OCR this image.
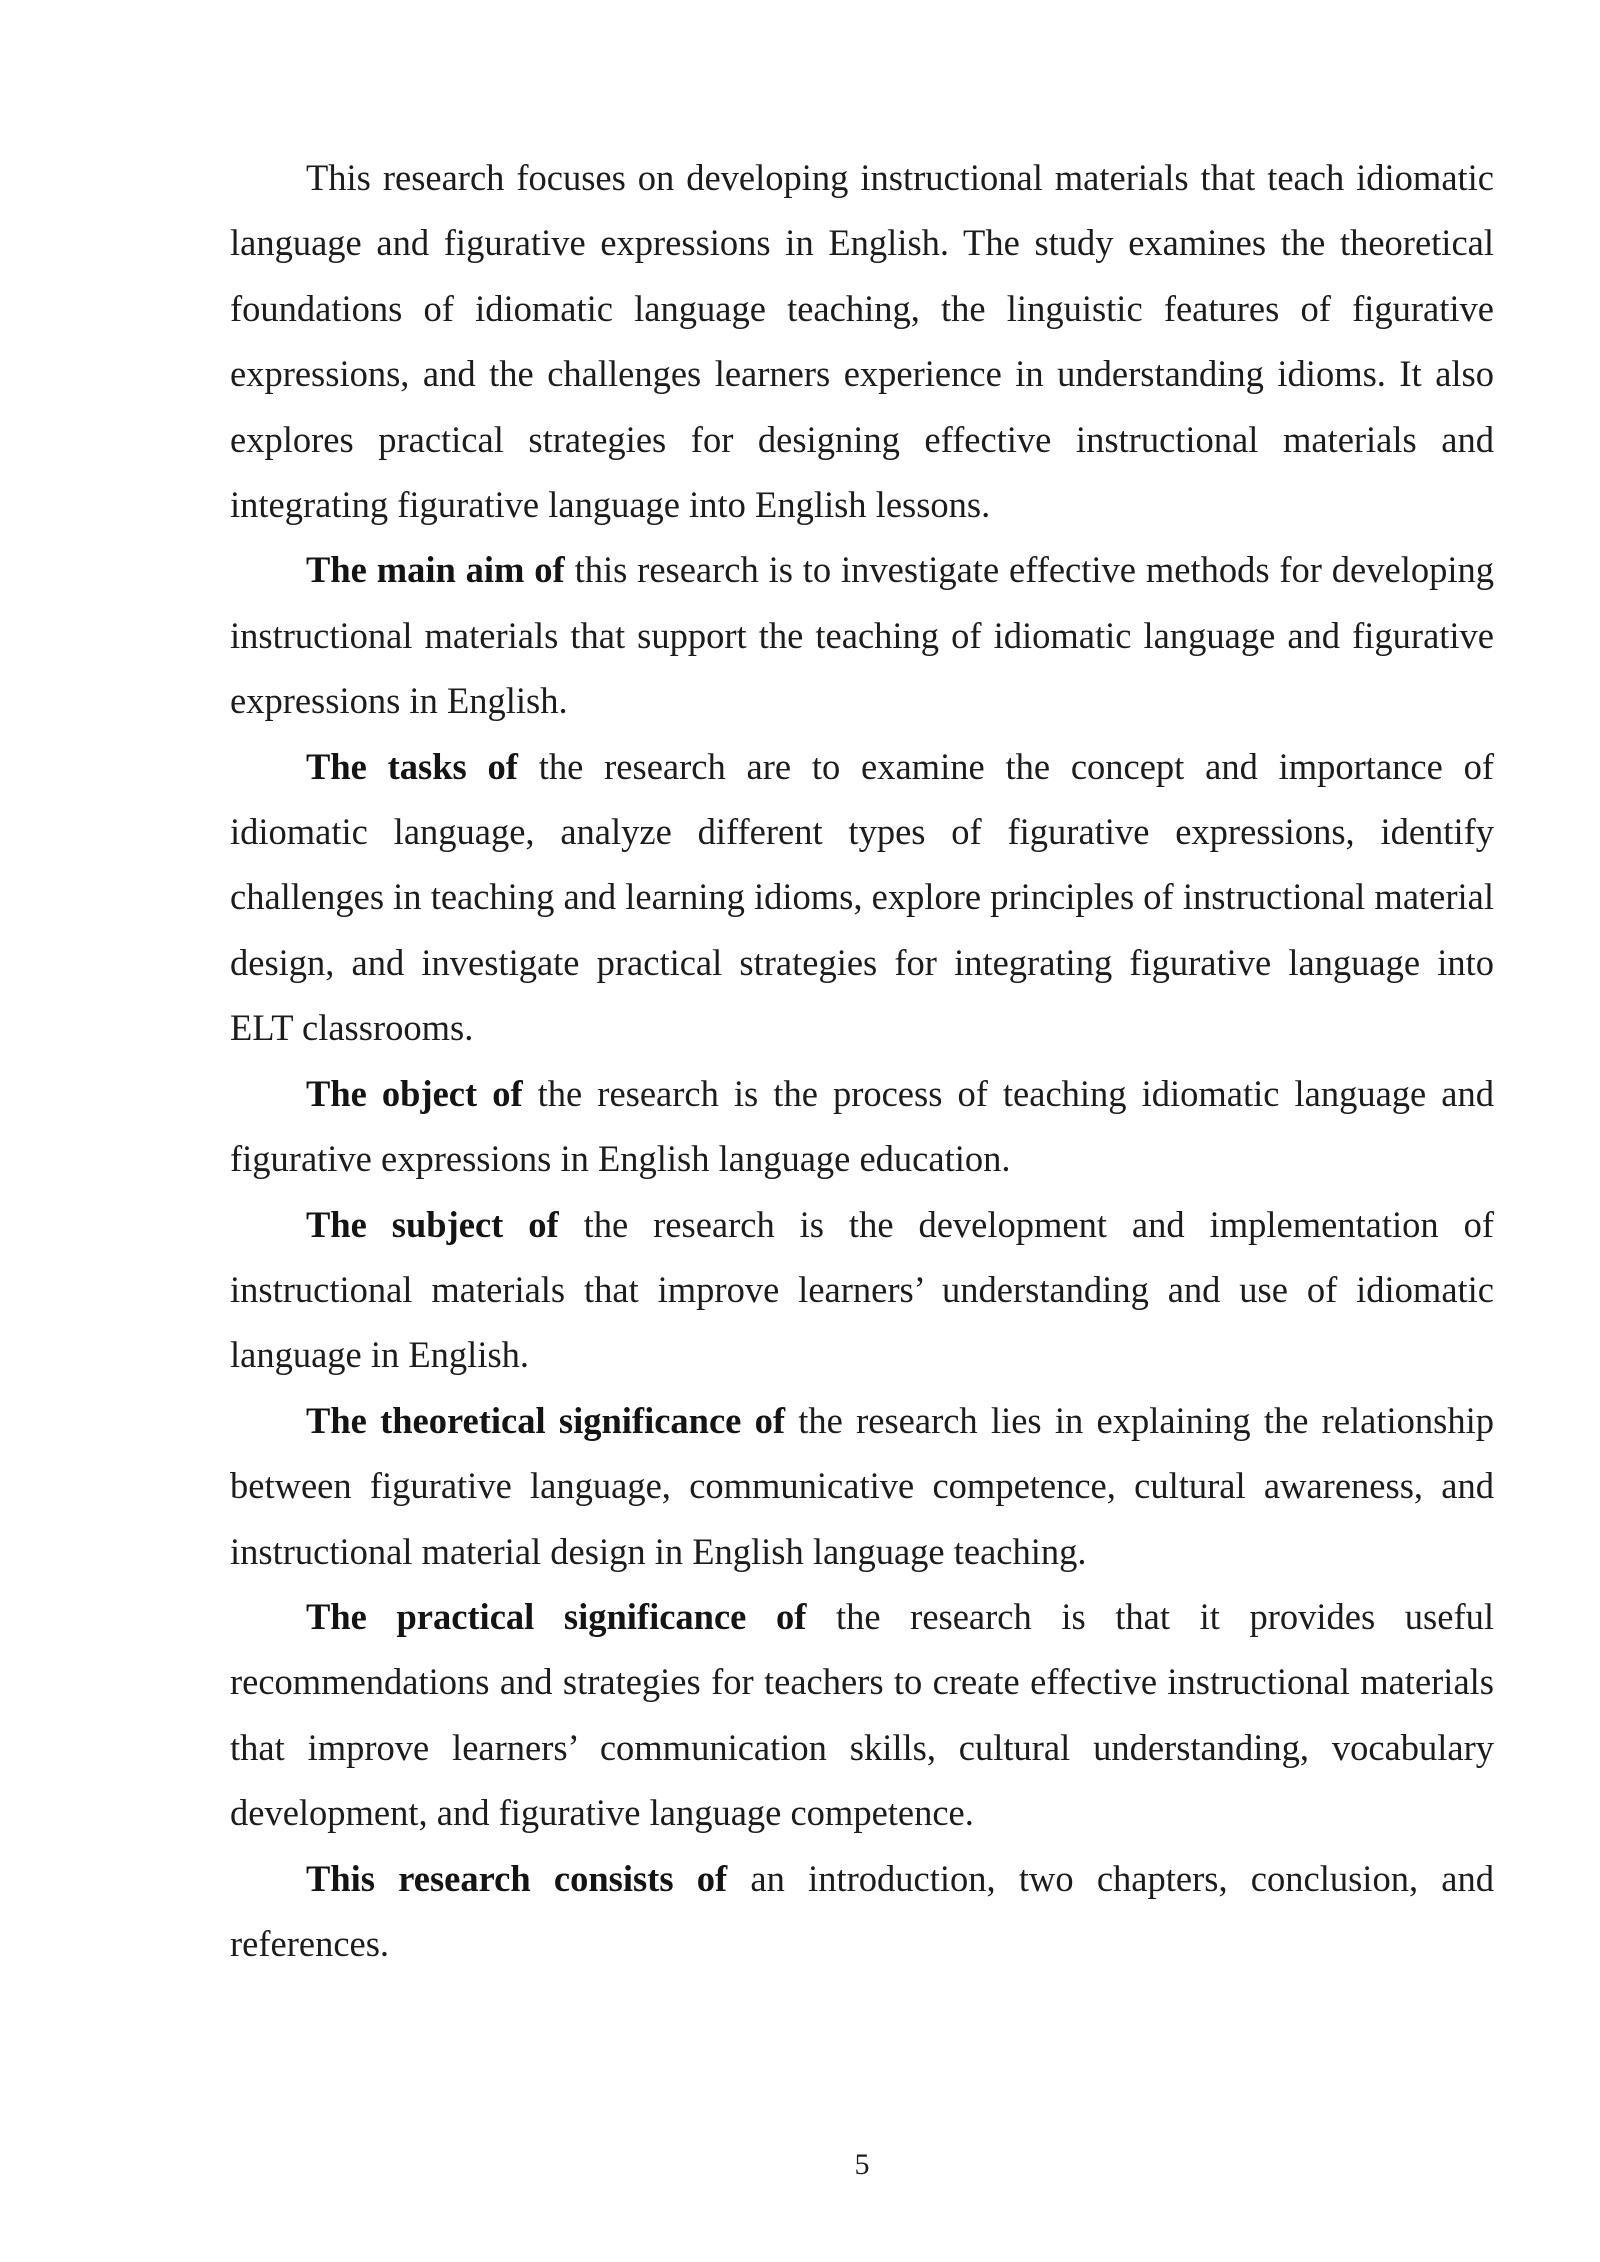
This research focuses on developing instructional materials that teach idiomatic language and figurative expressions in English. The study examines the theoretical foundations of idiomatic language teaching, the linguistic features of figurative expressions, and the challenges learners experience in understanding idioms. It also explores practical strategies for designing effective instructional materials and integrating figurative language into English lessons.

The main aim of this research is to investigate effective methods for developing instructional materials that support the teaching of idiomatic language and figurative expressions in English.

The tasks of the research are to examine the concept and importance of idiomatic language, analyze different types of figurative expressions, identify challenges in teaching and learning idioms, explore principles of instructional material design, and investigate practical strategies for integrating figurative language into ELT classrooms.

The object of the research is the process of teaching idiomatic language and figurative expressions in English language education.

The subject of the research is the development and implementation of instructional materials that improve learners’ understanding and use of idiomatic language in English.

The theoretical significance of the research lies in explaining the relationship between figurative language, communicative competence, cultural awareness, and instructional material design in English language teaching.

The practical significance of the research is that it provides useful recommendations and strategies for teachers to create effective instructional materials that improve learners’ communication skills, cultural understanding, vocabulary development, and figurative language competence.

This research consists of an introduction, two chapters, conclusion, and references.

5
